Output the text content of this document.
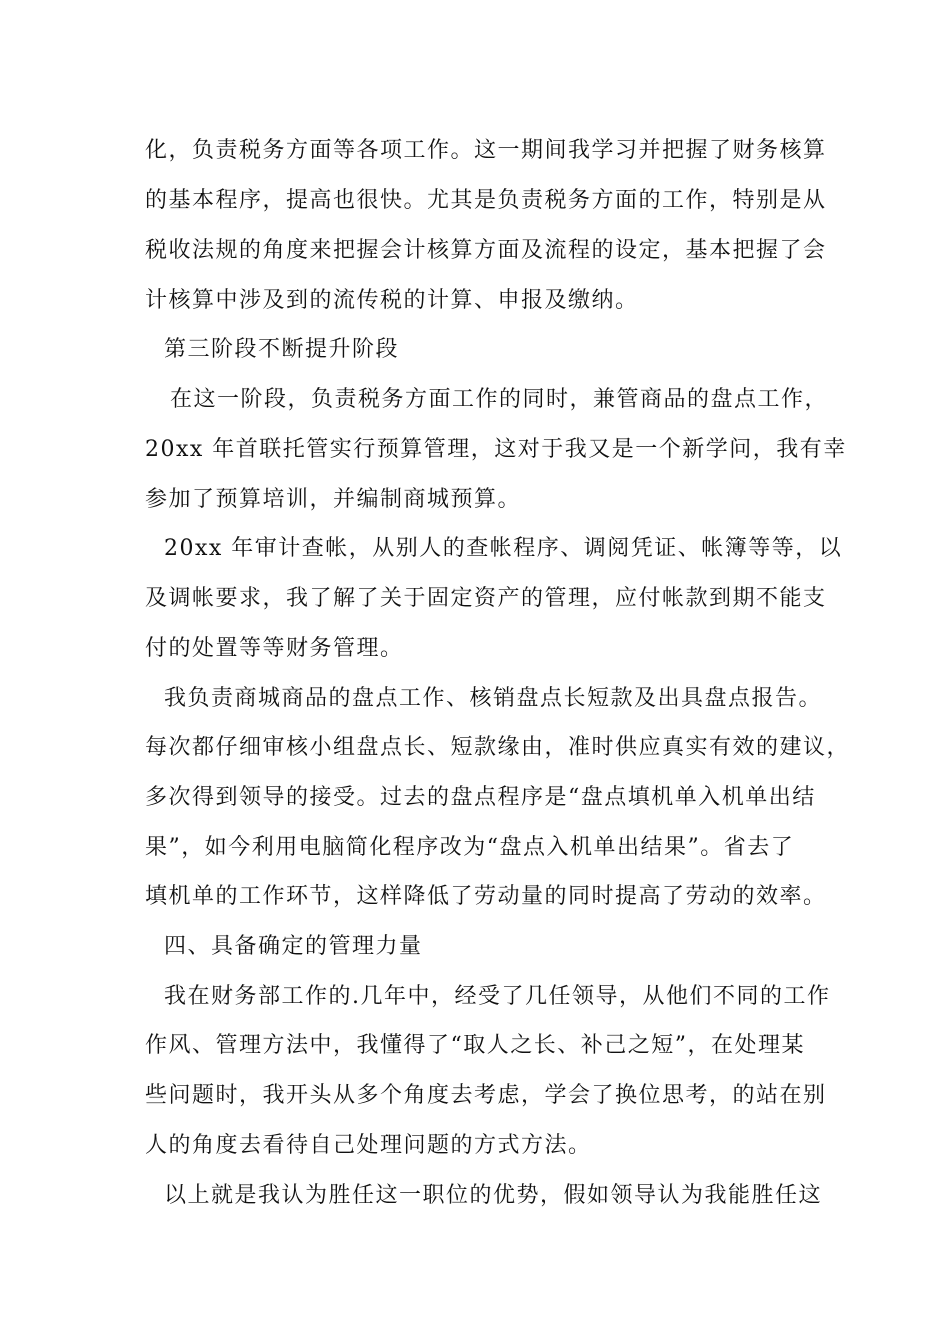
化，负责税务方面等各项工作。这一期间我学习并把握了财务核算
的基本程序，提高也很快。尤其是负责税务方面的工作，特别是从
税收法规的角度来把握会计核算方面及流程的设定，基本把握了会
计核算中涉及到的流传税的计算、申报及缴纳。
第三阶段不断提升阶段
在这一阶段，负责税务方面工作的同时，兼管商品的盘点工作，
20xx 年首联托管实行预算管理，这对于我又是一个新学问，我有幸
参加了预算培训，并编制商城预算。
20xx 年审计查帐，从别人的查帐程序、调阅凭证、帐簿等等，以
及调帐要求，我了解了关于固定资产的管理，应付帐款到期不能支
付的处置等等财务管理。
我负责商城商品的盘点工作、核销盘点长短款及出具盘点报告。
每次都仔细审核小组盘点长、短款缘由，准时供应真实有效的建议，
多次得到领导的接受。过去的盘点程序是“盘点填机单入机单出结
果”，如今利用电脑简化程序改为“盘点入机单出结果”。省去了
填机单的工作环节，这样降低了劳动量的同时提高了劳动的效率。
四、具备确定的管理力量
我在财务部工作的.几年中，经受了几任领导，从他们不同的工作
作风、管理方法中，我懂得了“取人之长、补己之短”，在处理某
些问题时，我开头从多个角度去考虑，学会了换位思考，的站在别
人的角度去看待自己处理问题的方式方法。
以上就是我认为胜任这一职位的优势，假如领导认为我能胜任这
